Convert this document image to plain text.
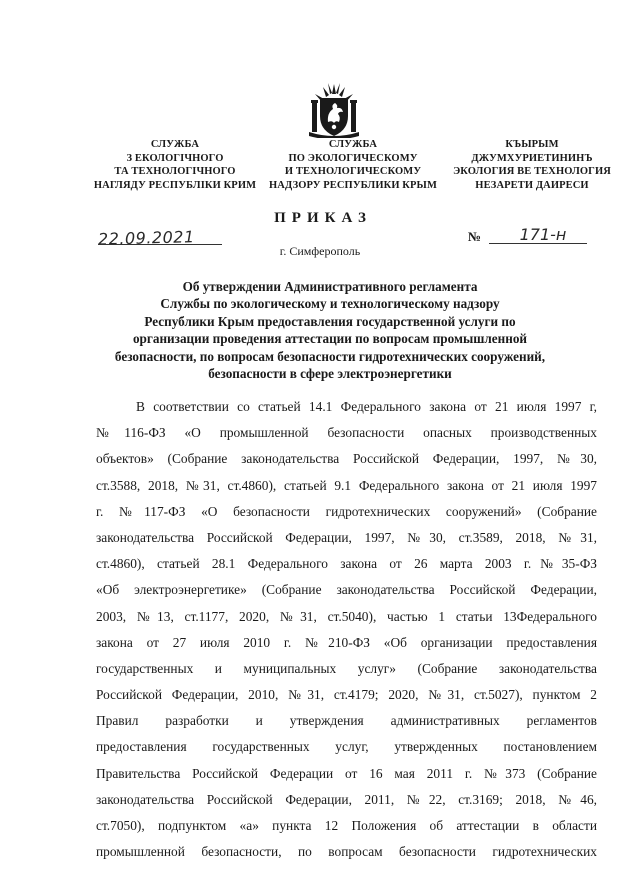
СЛУЖБА
З ЕКОЛОГІЧНОГО
ТА ТЕХНОЛОГІЧНОГО
НАГЛЯДУ РЕСПУБЛІКИ КРИМ
СЛУЖБА
ПО ЭКОЛОГИЧЕСКОМУ
И ТЕХНОЛОГИЧЕСКОМУ
НАДЗОРУ РЕСПУБЛИКИ КРЫМ
КЪЫРЫМ
ДЖУМХУРИЕТИНИНЪ
ЭКОЛОГИЯ ВЕ ТЕХНОЛОГИЯ
НЕЗАРЕТИ ДАИРЕСИ
ПРИКАЗ
22.09.2021
г. Симферополь
№	171-н
Об утверждении Административного регламента
Службы по экологическому и технологическому надзору
Республики Крым предоставления государственной услуги по
организации проведения аттестации по вопросам промышленной
безопасности, по вопросам безопасности гидротехнических сооружений,
безопасности в сфере электроэнергетики
В соответствии со статьей 14.1 Федерального закона от 21 июля 1997 г,
№116-ФЗ «О промышленной безопасности опасных производственных
объектов» (Собрание законодательства Российской Федерации, 1997, №30,
ст.3588, 2018, №31, ст.4860), статьей 9.1 Федерального закона от 21 июля 1997
г. №117-ФЗ «О безопасности гидротехнических сооружений» (Собрание
законодательства Российской Федерации, 1997, №30, ст.3589, 2018, №31,
ст.4860), статьей 28.1 Федерального закона от 26 марта 2003 г.№35-ФЗ
«Об электроэнергетике» (Собрание законодательства Российской Федерации,
2003, №13, ст.1177, 2020, №31, ст.5040), частью 1 статьи 13Федерального
закона от 27 июля 2010 г. №210-ФЗ «Об организации предоставления
государственных и муниципальных услуг» (Собрание законодательства
Российской Федерации, 2010, №31, ст.4179; 2020, №31, ст.5027), пунктом 2
Правил разработки и утверждения административных регламентов
предоставления государственных услуг, утвержденных постановлением
Правительства Российской Федерации от 16 мая 2011 г. №373 (Собрание
законодательства Российской Федерации, 2011, №22, ст.3169; 2018, №46,
ст.7050), подпунктом «а» пункта 12 Положения об аттестации в области
промышленной безопасности, по вопросам безопасности гидротехнических
